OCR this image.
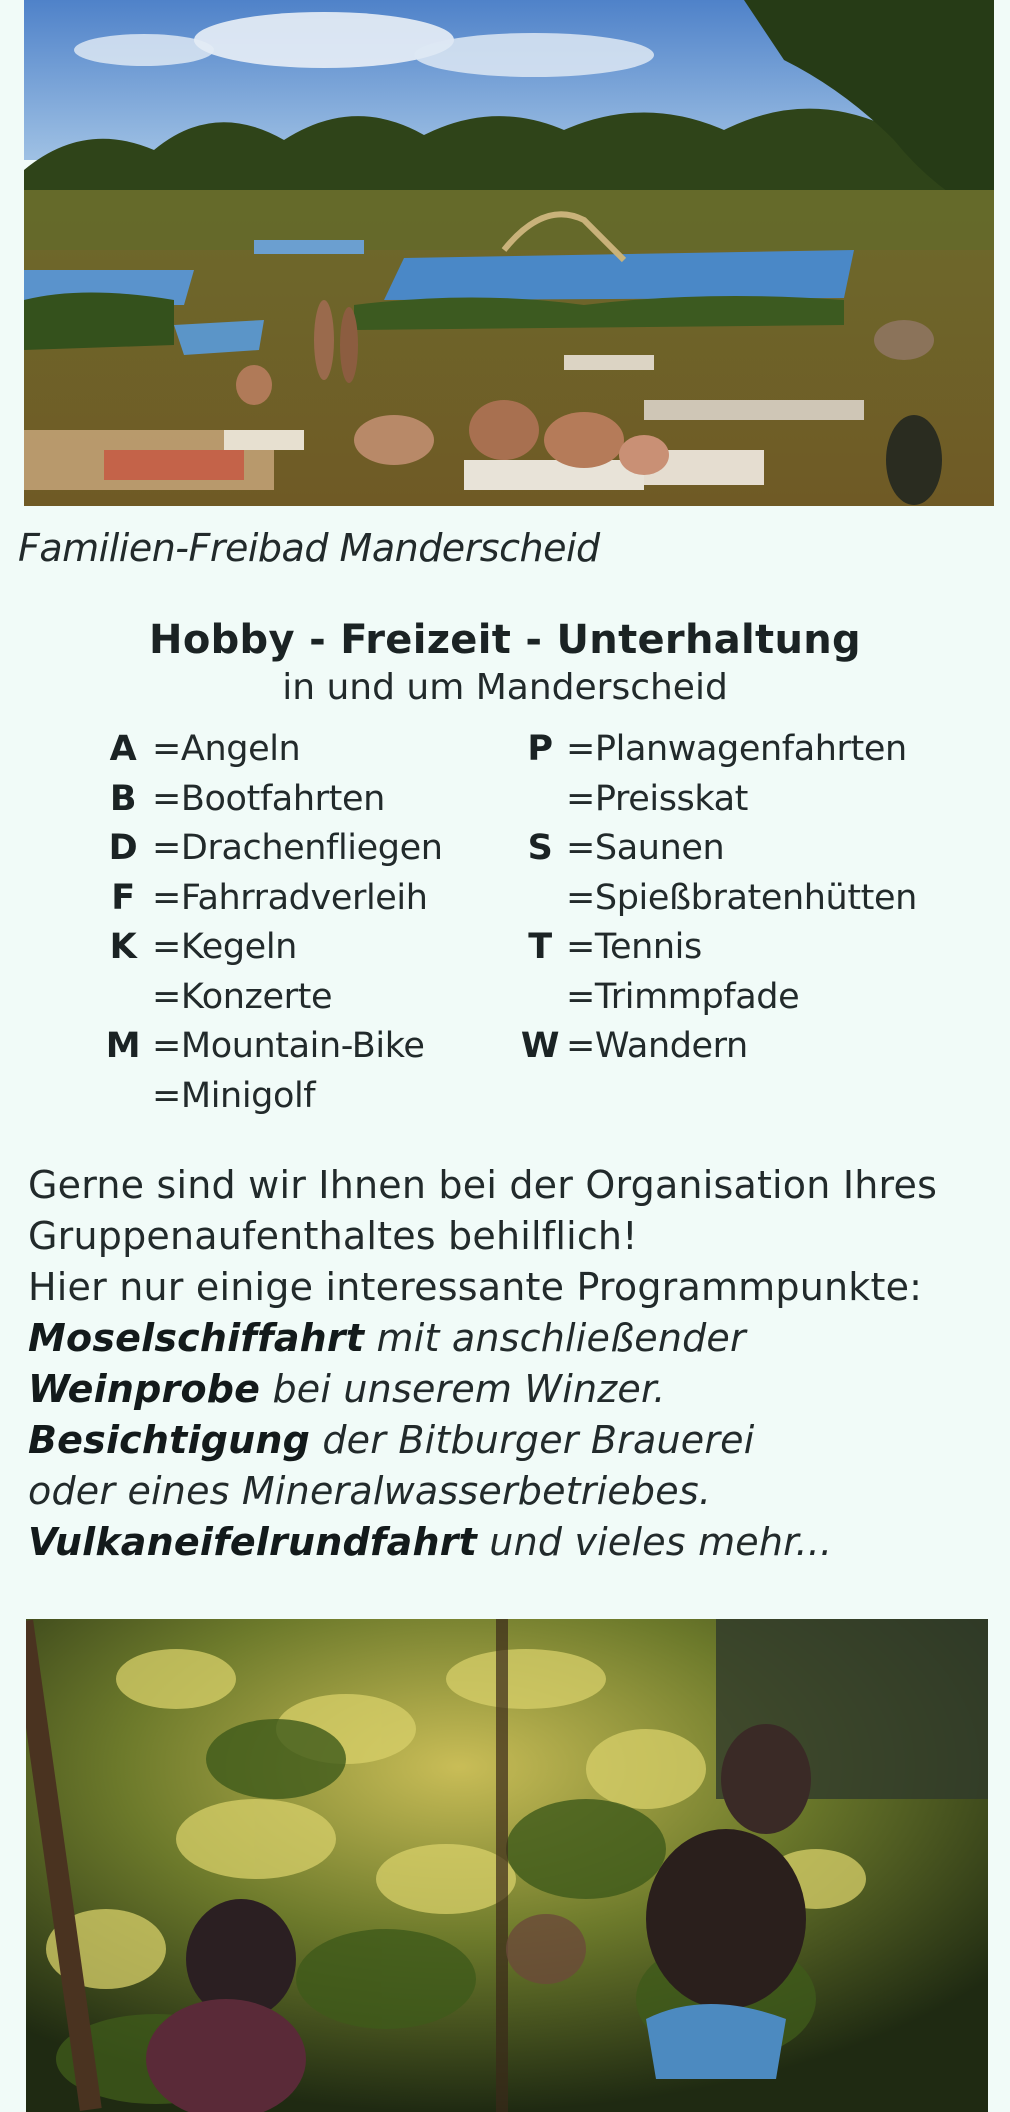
Familien-Freibad Manderscheid
Hobby - Freizeit - Unterhaltung
in und um Manderscheid
A =Angeln
B =Bootfahrten
D =Drachenfliegen
F =Fahrradverleih
K =Kegeln
=Konzerte
M =Mountain-Bike
=Minigolf
P =Planwagenfahrten
=Preisskat
S =Saunen
=Spießbratenhütten
T =Tennis
=Trimmpfade
W =Wandern
Gerne sind wir Ihnen bei der Organisation Ihres
Gruppenaufenthaltes behilflich!
Hier nur einige interessante Programmpunkte:
Moselschiffahrt mit anschließender
Weinprobe bei unserem Winzer.
Besichtigung der Bitburger Brauerei
oder eines Mineralwasserbetriebes.
Vulkaneifelrundfahrt und vieles mehr...
